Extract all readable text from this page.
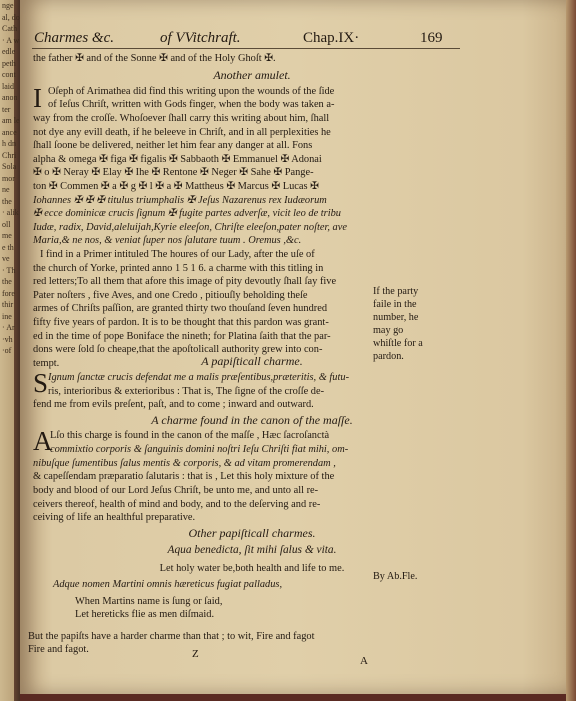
nge
al, do
Cath
· A w
edle
peth
cont
laid
anon
ter
am le
ance
h dn
Chri
Sola
mor
ne
the
· alik
oll
me
e th
ve
· Th
the
fore
thir
ine
· Ar
·vh
·of
Charmes &c.	of VVitchraft.	Chap.IX·	169
the father ✠ and of the Sonne ✠ and of the Holy Ghoſt ✠.
Another amulet.
I Oſeph of Arimathea did find this writing upon the wounds of the ſide
of Ieſus Chriſt, written with Gods finger, when the body was taken a-
way from the croſſe. Whoſoever ſhall carry this writing about him, ſhall
not dye any evill death, if he beleeve in Chriſt, and in all perplexities he
ſhall ſoone be delivered, neither let him fear any danger at all. Fons
alpha & omega ✠ figa ✠ figalis ✠ Sabbaoth ✠ Emmanuel ✠ Adonai
✠ o ✠ Neray ✠ Elay ✠ Ihe ✠ Rentone ✠ Neger ✠ Sahe ✠ Pange-
ton ✠ Commen ✠ a ✠ g ✠ l ✠ a ✠ Mattheus ✠ Marcus ✠ Lucas ✠
Iohannes ✠ ✠ ✠ titulus triumphalis ✠ Jeſus Nazarenus rex Iudæorum
✠ ecce dominicæ crucis ſignum ✠ fugite partes adverſæ, vicit leo de tribu
Iudæ, radix, David,aleluijah,Kyrie eleeſon, Chriſte eleeſon,pater noſter, ave
Maria,& ne nos, & veniat ſuper nos ſalutare tuum . Oremus ,&c.
I find in a Primer intituled The houres of our Lady, after the uſe of
the church of Yorke, printed anno 1 5 1 6. a charme with this titling in
red letters;To all them that afore this image of pity devoutly ſhall ſay five
Pater noſters , five Aves, and one Credo , pitiouſly beholding theſe
armes of Chriſts paſſion, are granted thirty two thouſand ſeven hundred
fifty five years of pardon. It is to be thought that this pardon was grant-
ed in the time of pope Boniface the nineth; for Platina ſaith that the par-
dons were ſold ſo cheape,that the apoſtolicall authority grew into con-
tempt.
If the party
faile in the
number, he
may go
whiſtle for a
pardon.
A papiſticall charme.
S Ignum ſanctæ crucis defendat me a malis præſentibus,præteritis, & futu-
ris, interioribus & exterioribus : That is, The ſigne of the croſſe de-
fend me from evils preſent, paſt, and to come ; inward and outward.
A charme found in the canon of the maſſe.
A
Lſo this charge is found in the canon of the maſſe , Hæc ſacroſanctà
commixtio corporis & ſanguinis domini noſtri Ieſu Chriſti fiat mihi, om-
nibuſque ſumentibus ſalus mentis & corporis, & ad vitam promerendam ,
& capeſſendam præparatio ſalutaris : that is , Let this holy mixture of the
body and blood of our Lord Jeſus Chriſt, be unto me, and unto all re-
ceivers thereof, health of mind and body, and to the deſerving and re-
ceiving of life an healthful preparative.
Other papiſticall charmes.
Aqua benedicta, ſit mihi ſalus & vita.
Let holy water be,both health and life to me.
Adque nomen Martini omnis hæreticus fugiat palladus,
By Ab.Fle.
When Martins name is ſung or ſaid,
Let hereticks flie as men diſmaid.
But the papiſts have a harder charme than that ; to wit, Fire and fagot
Fire and fagot.	Z
A
